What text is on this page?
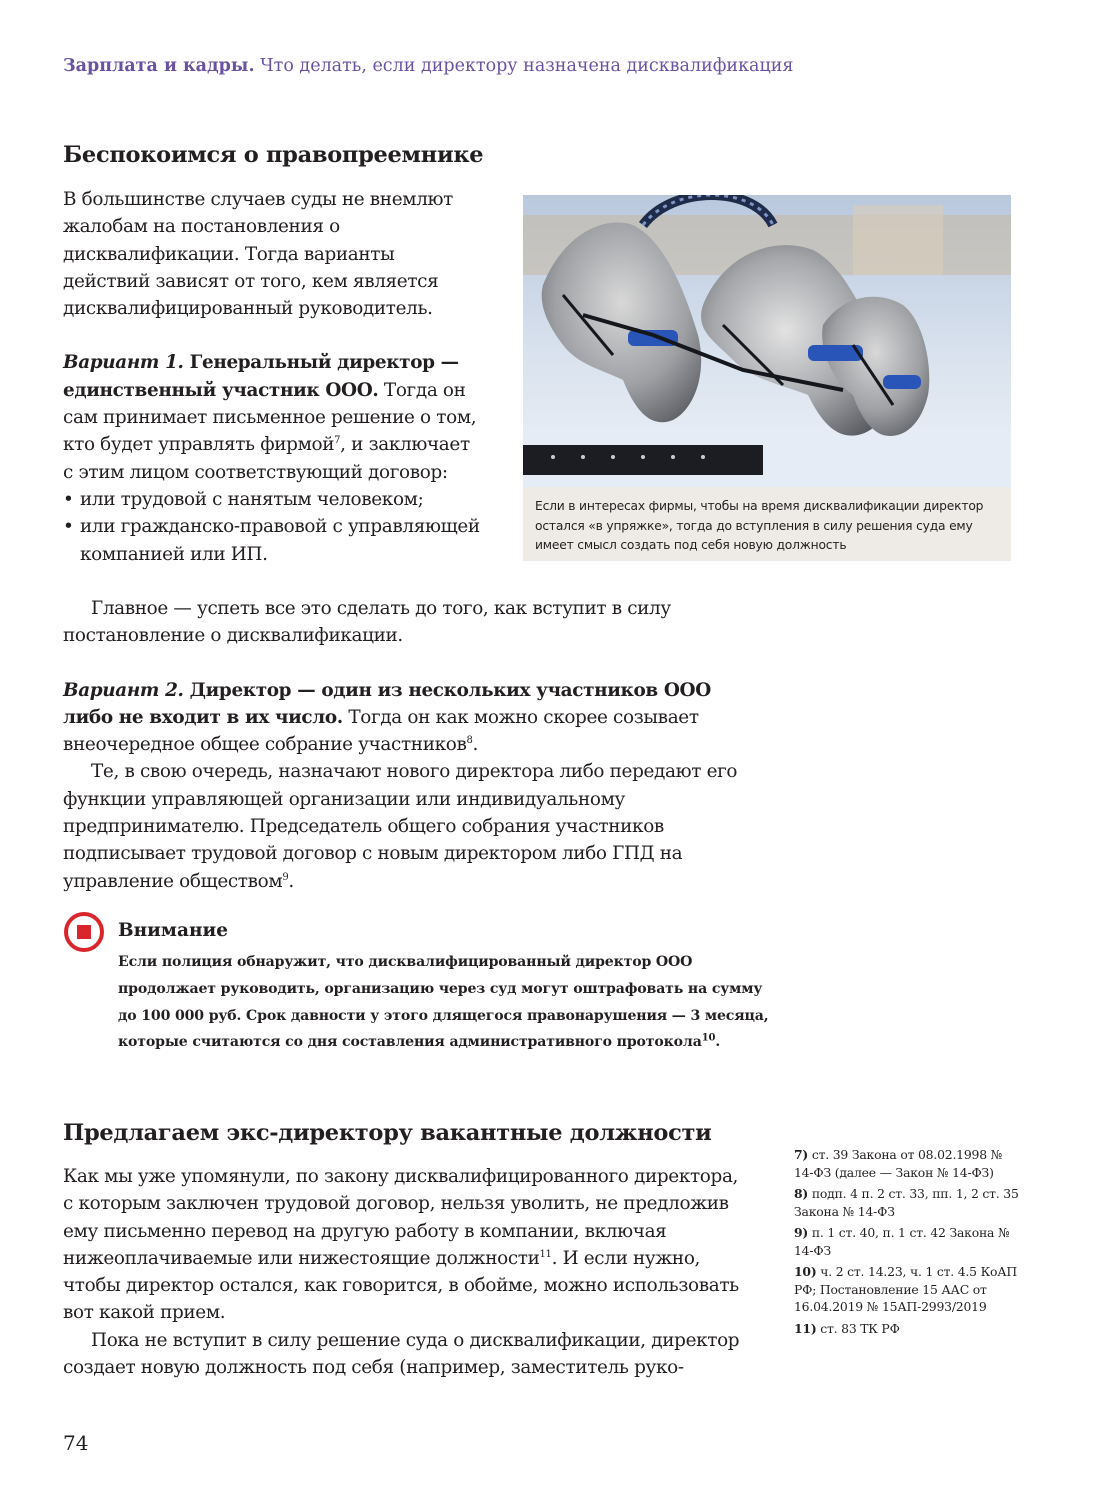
Зарплата и кадры. Что делать, если директору назначена дисквалификация
Беспокоимся о правопреемнике

В большинстве случаев суды не внемлют жалобам на постановления о дисквалификации. Тогда варианты действий зависят от того, кем является дисквалифицированный руководитель.

Вариант 1. Генеральный директор — единственный участник ООО. Тогда он сам принимает письменное решение о том, кто будет управлять фирмой$^7$, и заключает с этим лицом соответствующий договор:

• или трудовой с нанятым человеком;

• или гражданско-правовой с управляющей компанией или ИП.

Главное — успеть все это сделать до того, как вступит в силу постановление о дисквалификации.

Вариант 2. Директор — один из нескольких участников ООО либо не входит в их число. Тогда он как можно скорее созывает внеочередное общее собрание участников$^8$.

Те, в свою очередь, назначают нового директора либо передают его функции управляющей организации или индивидуальному предпринимателю. Председатель общего собрания участников подписывает трудовой договор с новым директором либо ГПД на управление обществом$^9$.

Если в интересах фирмы, чтобы на время дисквалификации директор остался «в упряжке», тогда до вступления в силу решения суда ему имеет смысл создать под себя новую должность
Внимание
Если полиция обнаружит, что дисквалифицированный директор ООО продолжает руководить, организацию через суд могут оштрафовать на сумму до 100 000 руб. Срок давности у этого длящегося правонарушения — 3 месяца, которые считаются со дня составления административного протокола$^{10}$.
Предлагаем экс-директору вакантные должности

Как мы уже упомянули, по закону дисквалифицированного директора, с которым заключен трудовой договор, нельзя уволить, не предложив ему письменно перевод на другую работу в компании, включая нижеоплачиваемые или нижестоящие должности$^{11}$. И если нужно, чтобы директор остался, как говорится, в обойме, можно использовать вот какой прием.

Пока не вступит в силу решение суда о дисквалификации, директор создает новую должность под себя (например, заместитель руко-

7) ст. 39 Закона от 08.02.1998 № 14-ФЗ (далее — Закон № 14-ФЗ)

8) подп. 4 п. 2 ст. 33, пп. 1, 2 ст. 35 Закона № 14-ФЗ

9) п. 1 ст. 40, п. 1 ст. 42 Закона № 14-ФЗ

10) ч. 2 ст. 14.23, ч. 1 ст. 4.5 КоАП РФ; Постановление 15 ААС от 16.04.2019 № 15АП-2993/2019

11) ст. 83 ТК РФ

74
